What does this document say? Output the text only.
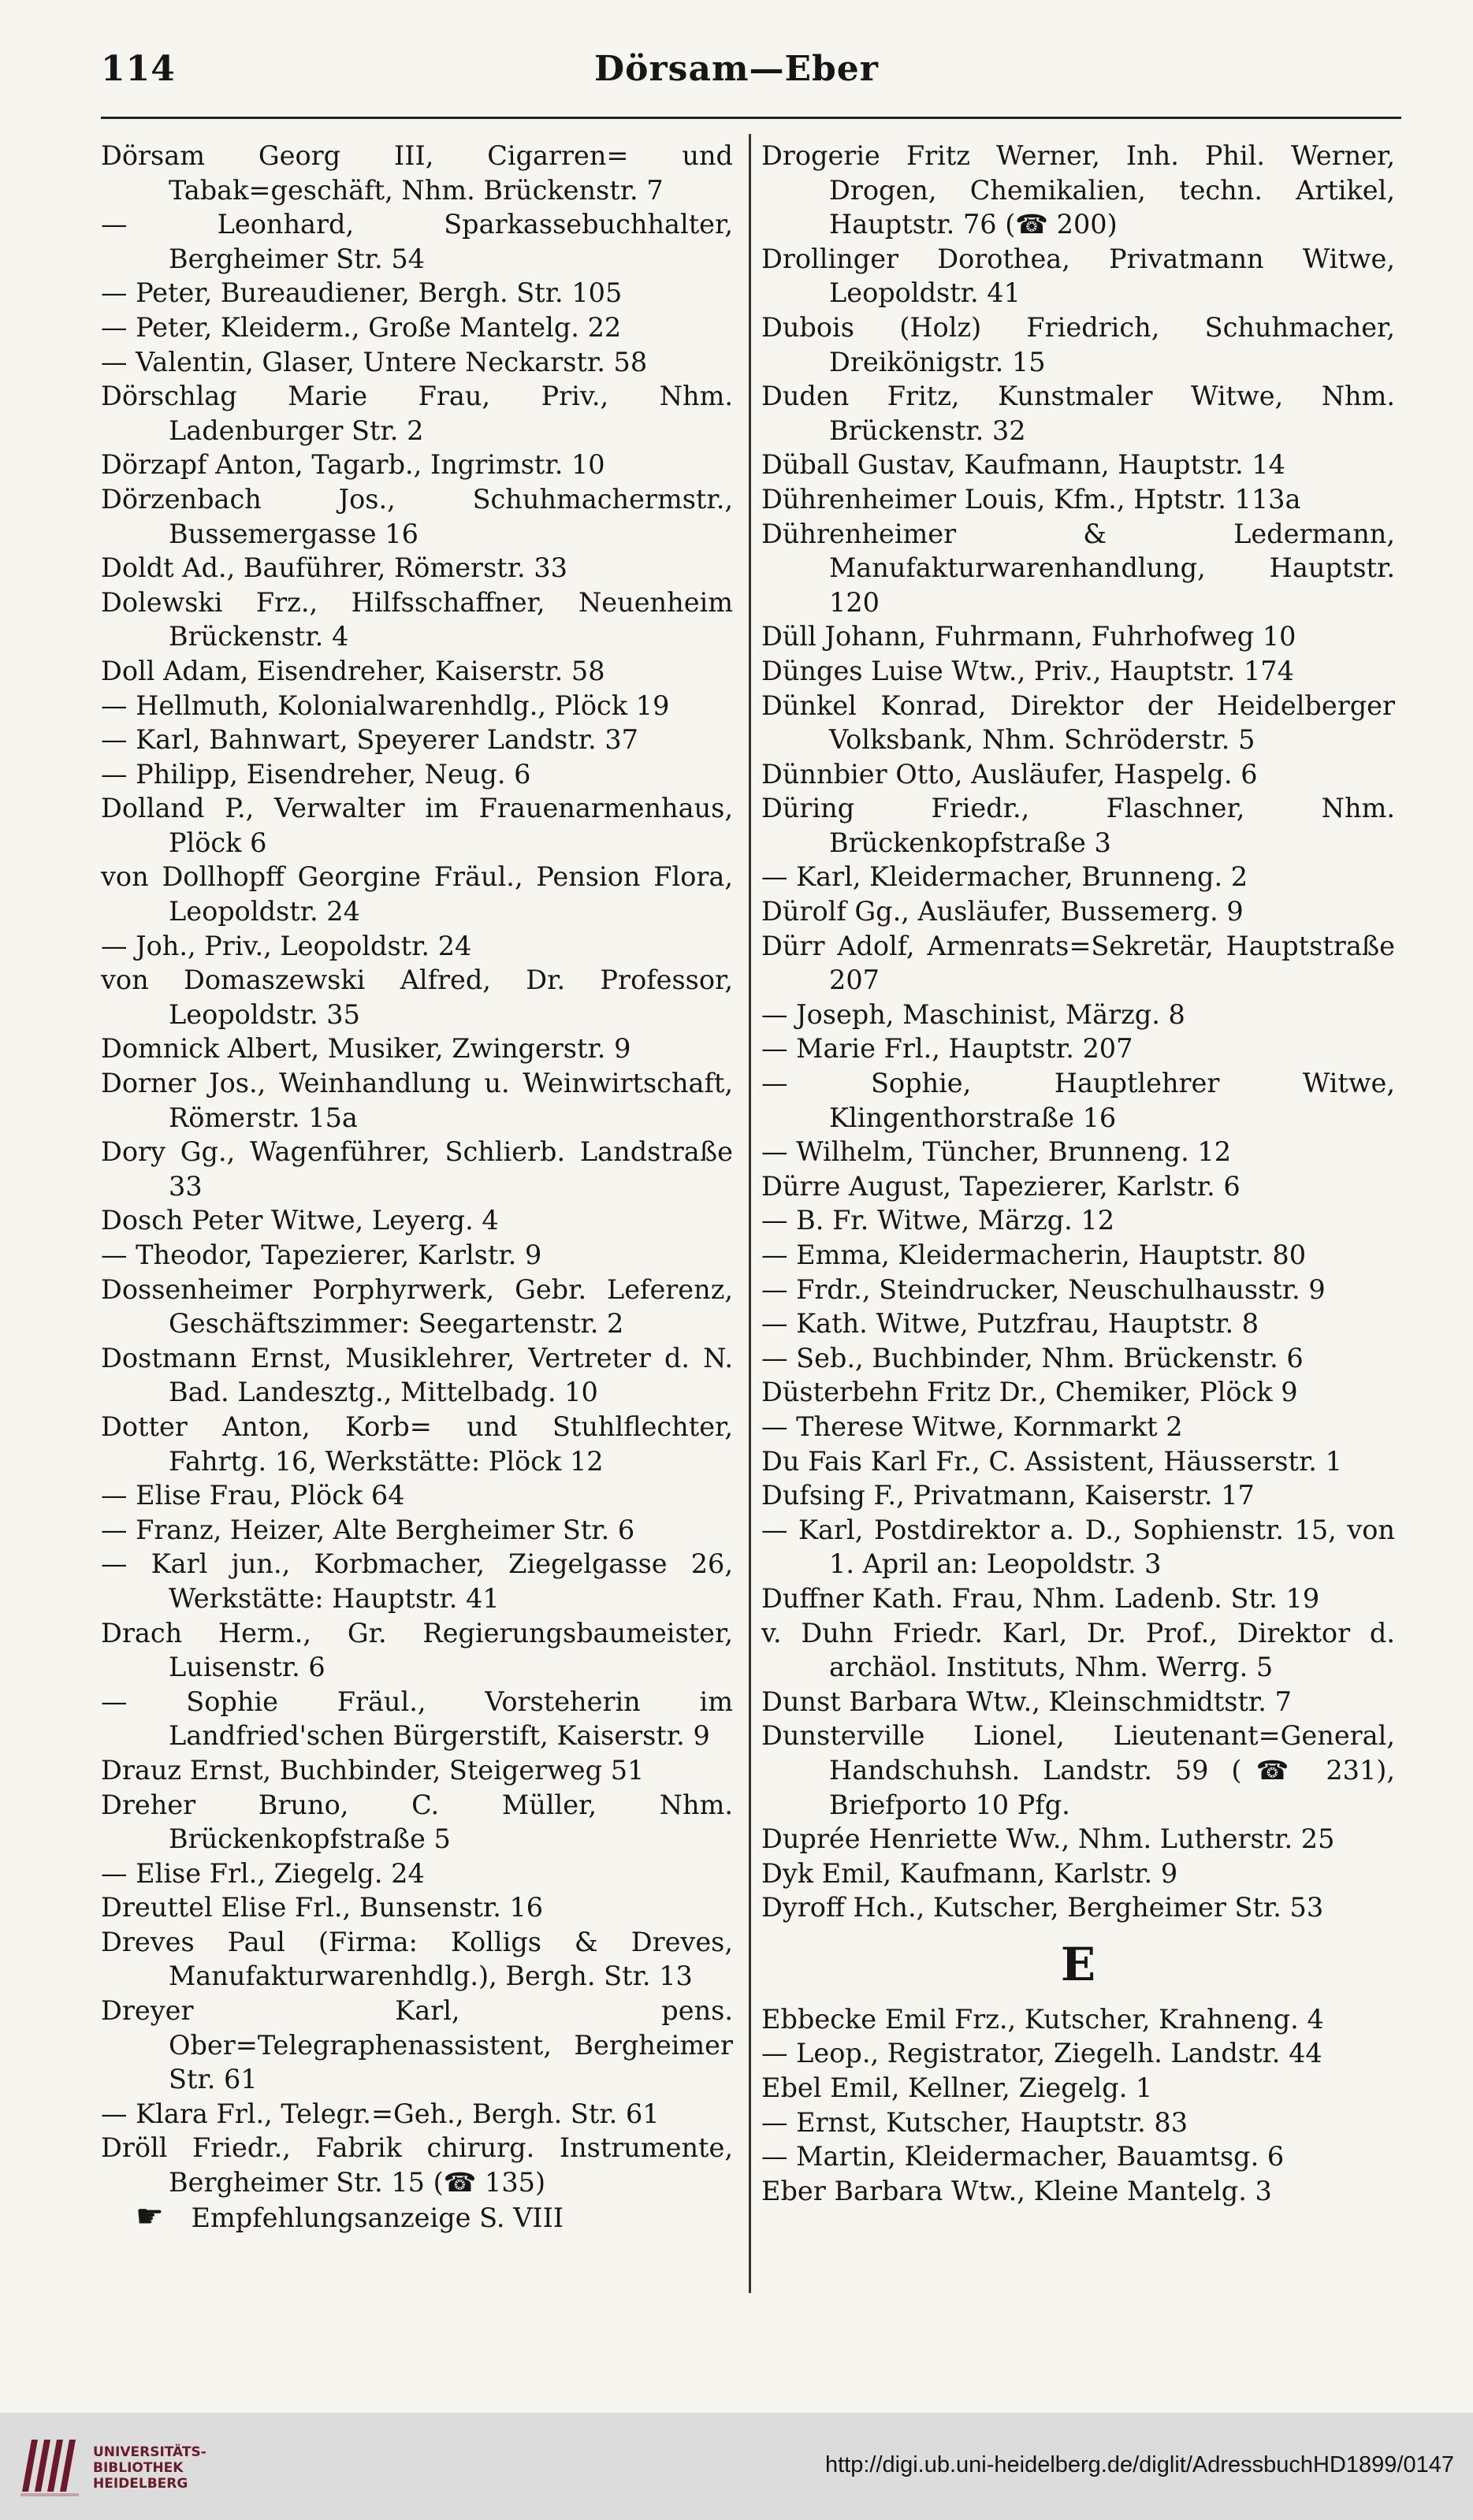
114	Dörsam—Eber
Dörsam Georg III, Cigarren= und Tabak=geschäft, Nhm. Brückenstr. 7
— Leonhard, Sparkassebuchhalter, Bergheimer Str. 54
— Peter, Bureaudiener, Bergh. Str. 105
— Peter, Kleiderm., Große Mantelg. 22
— Valentin, Glaser, Untere Neckarstr. 58
Dörschlag Marie Frau, Priv., Nhm. Ladenburger Str. 2
Dörzapf Anton, Tagarb., Ingrimstr. 10
Dörzenbach Jos., Schuhmachermstr., Bussemergasse 16
Doldt Ad., Bauführer, Römerstr. 33
Dolewski Frz., Hilfsschaffner, Neuenheim Brückenstr. 4
Doll Adam, Eisendreher, Kaiserstr. 58
— Hellmuth, Kolonialwarenhdlg., Plöck 19
— Karl, Bahnwart, Speyerer Landstr. 37
— Philipp, Eisendreher, Neug. 6
Dolland P., Verwalter im Frauenarmenhaus, Plöck 6
von Dollhopff Georgine Fräul., Pension Flora, Leopoldstr. 24
— Joh., Priv., Leopoldstr. 24
von Domaszewski Alfred, Dr. Professor, Leopoldstr. 35
Domnick Albert, Musiker, Zwingerstr. 9
Dorner Jos., Weinhandlung u. Weinwirtschaft, Römerstr. 15a
Dory Gg., Wagenführer, Schlierb. Landstraße 33
Dosch Peter Witwe, Leyerg. 4
— Theodor, Tapezierer, Karlstr. 9
Dossenheimer Porphyrwerk, Gebr. Leferenz, Geschäftszimmer: Seegartenstr. 2
Dostmann Ernst, Musiklehrer, Vertreter d. N. Bad. Landesztg., Mittelbadg. 10
Dotter Anton, Korb= und Stuhlflechter, Fahrtg. 16, Werkstätte: Plöck 12
— Elise Frau, Plöck 64
— Franz, Heizer, Alte Bergheimer Str. 6
— Karl jun., Korbmacher, Ziegelgasse 26, Werkstätte: Hauptstr. 41
Drach Herm., Gr. Regierungsbaumeister, Luisenstr. 6
— Sophie Fräul., Vorsteherin im Landfried'schen Bürgerstift, Kaiserstr. 9
Drauz Ernst, Buchbinder, Steigerweg 51
Dreher Bruno, C. Müller, Nhm. Brückenkopfstraße 5
— Elise Frl., Ziegelg. 24
Dreuttel Elise Frl., Bunsenstr. 16
Dreves Paul (Firma: Kolligs & Dreves, Manufakturwarenhdlg.), Bergh. Str. 13
Dreyer Karl, pens. Ober=Telegraphenassistent, Bergheimer Str. 61
— Klara Frl., Telegr.=Geh., Bergh. Str. 61
Dröll Friedr., Fabrik chirurg. Instrumente, Bergheimer Str. 15 (☎ 135)
☛ Empfehlungsanzeige S. VIII
Drogerie Fritz Werner, Inh. Phil. Werner, Drogen, Chemikalien, techn. Artikel, Hauptstr. 76 (☎ 200)
Drollinger Dorothea, Privatmann Witwe, Leopoldstr. 41
Dubois (Holz) Friedrich, Schuhmacher, Dreikönigstr. 15
Duden Fritz, Kunstmaler Witwe, Nhm. Brückenstr. 32
Düball Gustav, Kaufmann, Hauptstr. 14
Dührenheimer Louis, Kfm., Hptstr. 113a
Dührenheimer & Ledermann, Manufakturwarenhandlung, Hauptstr. 120
Düll Johann, Fuhrmann, Fuhrhofweg 10
Dünges Luise Wtw., Priv., Hauptstr. 174
Dünkel Konrad, Direktor der Heidelberger Volksbank, Nhm. Schröderstr. 5
Dünnbier Otto, Ausläufer, Haspelg. 6
Düring Friedr., Flaschner, Nhm. Brückenkopfstraße 3
— Karl, Kleidermacher, Brunneng. 2
Dürolf Gg., Ausläufer, Bussemerg. 9
Dürr Adolf, Armenrats=Sekretär, Hauptstraße 207
— Joseph, Maschinist, Märzg. 8
— Marie Frl., Hauptstr. 207
— Sophie, Hauptlehrer Witwe, Klingenthorstraße 16
— Wilhelm, Tüncher, Brunneng. 12
Dürre August, Tapezierer, Karlstr. 6
— B. Fr. Witwe, Märzg. 12
— Emma, Kleidermacherin, Hauptstr. 80
— Frdr., Steindrucker, Neuschulhausstr. 9
— Kath. Witwe, Putzfrau, Hauptstr. 8
— Seb., Buchbinder, Nhm. Brückenstr. 6
Düsterbehn Fritz Dr., Chemiker, Plöck 9
— Therese Witwe, Kornmarkt 2
Du Fais Karl Fr., C. Assistent, Häusserstr. 1
Dufsing F., Privatmann, Kaiserstr. 17
— Karl, Postdirektor a. D., Sophienstr. 15, von 1. April an: Leopoldstr. 3
Duffner Kath. Frau, Nhm. Ladenb. Str. 19
v. Duhn Friedr. Karl, Dr. Prof., Direktor d. archäol. Instituts, Nhm. Werrg. 5
Dunst Barbara Wtw., Kleinschmidtstr. 7
Dunsterville Lionel, Lieutenant=General, Handschuhsh. Landstr. 59 (☎ 231), Briefporto 10 Pfg.
Duprée Henriette Ww., Nhm. Lutherstr. 25
Dyk Emil, Kaufmann, Karlstr. 9
Dyroff Hch., Kutscher, Bergheimer Str. 53
E
Ebbecke Emil Frz., Kutscher, Krahneng. 4
— Leop., Registrator, Ziegelh. Landstr. 44
Ebel Emil, Kellner, Ziegelg. 1
— Ernst, Kutscher, Hauptstr. 83
— Martin, Kleidermacher, Bauamtsg. 6
Eber Barbara Wtw., Kleine Mantelg. 3
UNIVERSITÄTS-
BIBLIOTHEK
HEIDELBERG
http://digi.ub.uni-heidelberg.de/diglit/AdressbuchHD1899/0147
